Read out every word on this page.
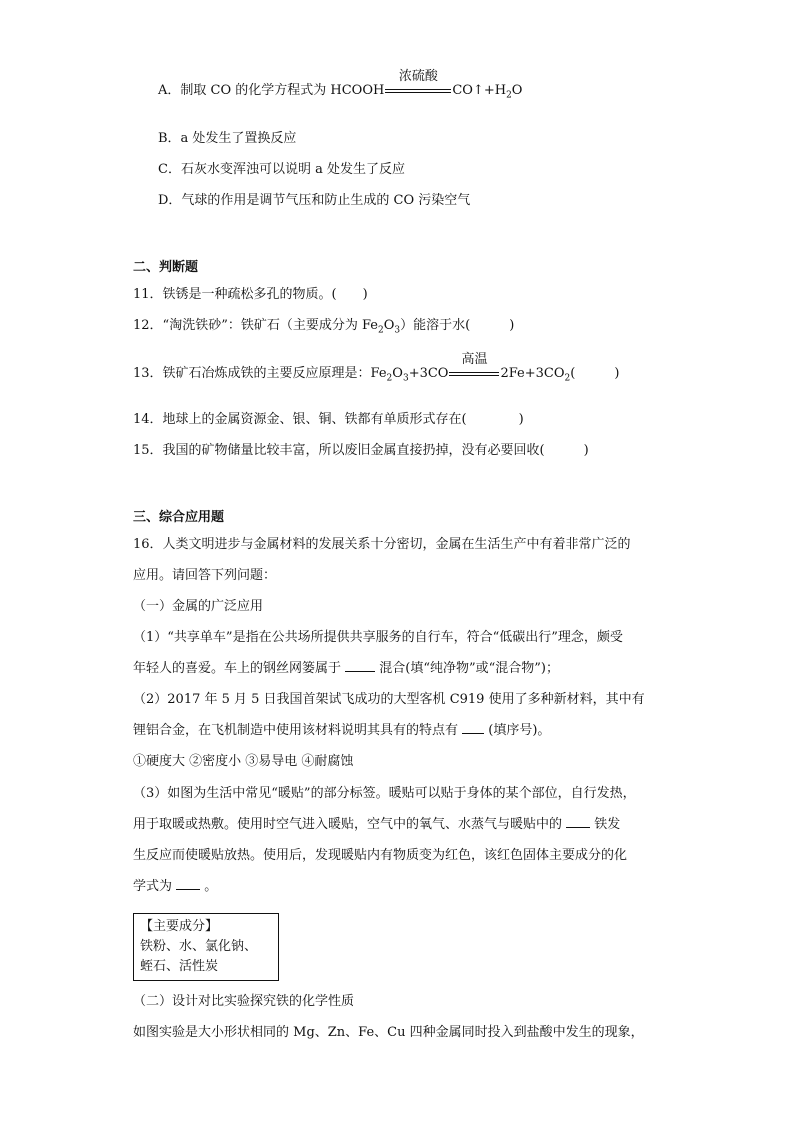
A．制取 CO 的化学方程式为 HCOOH
浓硫酸
$CO↑+H_2O$
B．a 处发生了置换反应
C．石灰水变浑浊可以说明 a 处发生了反应
D．气球的作用是调节气压和防止生成的 CO 污染空气
二、判断题
11．铁锈是一种疏松多孔的物质。(　　)
12．“淘洗铁砂”：铁矿石（主要成分为 $Fe_2O_3$）能溶于水(　　　)
13．铁矿石冶炼成铁的主要反应原理是：$Fe_2O_3+3CO$
高温
$2Fe+3CO_2$(　　　)
14．地球上的金属资源金、银、铜、铁都有单质形式存在(　　　　)
15．我国的矿物储量比较丰富，所以废旧金属直接扔掉，没有必要回收(　　　)
三、综合应用题
16．人类文明进步与金属材料的发展关系十分密切，金属在生活生产中有着非常广泛的
应用。请回答下列问题：
（一）金属的广泛应用
（1）“共享单车”是指在公共场所提供共享服务的自行车，符合“低碳出行”理念，颇受
年轻人的喜爱。车上的钢丝网篓属于  混合(填“纯净物”或“混合物”)；
（2）2017 年 5 月 5 日我国首架试飞成功的大型客机 C919 使用了多种新材料，其中有
锂铝合金，在飞机制造中使用该材料说明其具有的特点有  (填序号)。
①硬度大 ②密度小 ③易导电 ④耐腐蚀
（3）如图为生活中常见“暖贴”的部分标签。暖贴可以贴于身体的某个部位，自行发热，
用于取暖或热敷。使用时空气进入暖贴，空气中的氧气、水蒸气与暖贴中的  铁发
生反应而使暖贴放热。使用后，发现暖贴内有物质变为红色，该红色固体主要成分的化
学式为  。
【主要成分】
铁粉、水、氯化钠、
蛭石、活性炭
（二）设计对比实验探究铁的化学性质
如图实验是大小形状相同的 Mg、Zn、Fe、Cu 四种金属同时投入到盐酸中发生的现象，
